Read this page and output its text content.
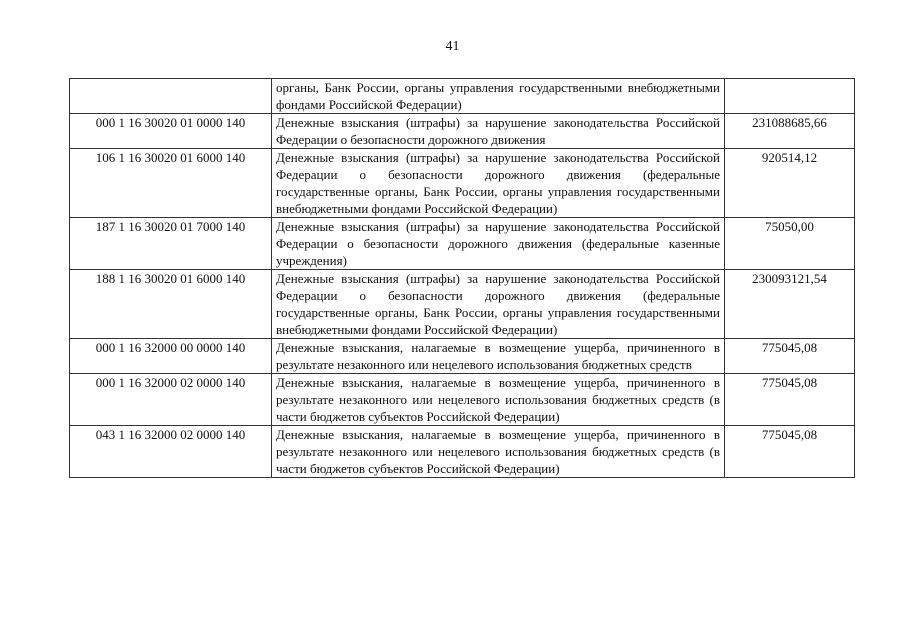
41

	органы, Банк России, органы управления государственными внебюджетными фондами Российской Федерации)	

000 1 16 30020 01 0000 140	Денежные взыскания (штрафы) за нарушение законодательства Российской Федерации о безопасности дорожного движения	231088685,66
106 1 16 30020 01 6000 140	Денежные взыскания (штрафы) за нарушение законодательства Российской Федерации о безопасности дорожного движения (федеральные государственные органы, Банк России, органы управления государственными внебюджетными фондами Российской Федерации)	920514,12
187 1 16 30020 01 7000 140	Денежные взыскания (штрафы) за нарушение законодательства Российской Федерации о безопасности дорожного движения (федеральные казенные учреждения)	75050,00
188 1 16 30020 01 6000 140	Денежные взыскания (штрафы) за нарушение законодательства Российской Федерации о безопасности дорожного движения (федеральные государственные органы, Банк России, органы управления государственными внебюджетными фондами Российской Федерации)	230093121,54
000 1 16 32000 00 0000 140	Денежные взыскания, налагаемые в возмещение ущерба, причиненного в результате незаконного или нецелевого использования бюджетных средств	775045,08
000 1 16 32000 02 0000 140	Денежные взыскания, налагаемые в возмещение ущерба, причиненного в результате незаконного или нецелевого использования бюджетных средств (в части бюджетов субъектов Российской Федерации)	775045,08
043 1 16 32000 02 0000 140	Денежные взыскания, налагаемые в возмещение ущерба, причиненного в результате незаконного или нецелевого использования бюджетных средств (в части бюджетов субъектов Российской Федерации)	775045,08
